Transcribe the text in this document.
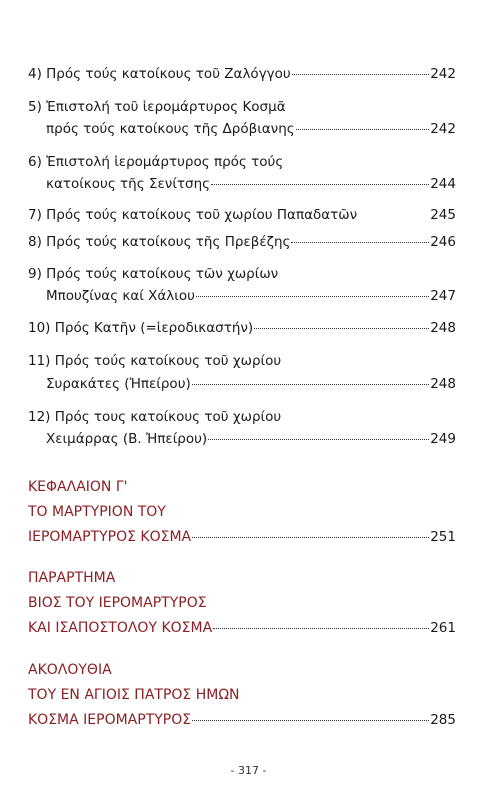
4) Πρός τούς κατοίκους τοῦ Ζαλόγγου	242
5) Ἐπιστολή τοῦ ἱερομάρτυρος Κοσμᾶ
πρός τούς κατοίκους τῆς Δρόβιανης	242
6) Ἐπιστολή ἱερομάρτυρος πρός τούς
κατοίκους τῆς Σενίτσης	244
7) Πρός τούς κατοίκους τοῦ χωρίου Παπαδατῶν	245
8) Πρός τούς κατοίκους τῆς Πρεβέζης	246
9) Πρός τούς κατοίκους τῶν χωρίων
Μπουζίνας καί Χάλιου	247
10) Πρός Κατῆν (=ἱεροδικαστήν)	248
11) Πρός τούς κατοίκους τοῦ χωρίου
Συρακάτες (Ἠπείρου)	248
12) Πρός τους κατοίκους τοῦ χωρίου
Χειμάρρας (Β. Ἠπείρου)	249
ΚΕΦΑΛΑΙΟΝ Γ'
ΤΟ ΜΑΡΤΥΡΙΟΝ ΤΟΥ
ΙΕΡΟΜΑΡΤΥΡΟΣ ΚΟΣΜΑ	251
ΠΑΡΑΡΤΗΜΑ
ΒΙΟΣ ΤΟΥ ΙΕΡΟΜΑΡΤΥΡΟΣ
ΚΑΙ ΙΣΑΠΟΣΤΟΛΟΥ ΚΟΣΜΑ	261
ΑΚΟΛΟΥΘΙΑ
ΤΟΥ ΕΝ ΑΓΙΟΙΣ ΠΑΤΡΟΣ ΗΜΩΝ
ΚΟΣΜΑ ΙΕΡΟΜΑΡΤΥΡΟΣ	285
- 317 -
